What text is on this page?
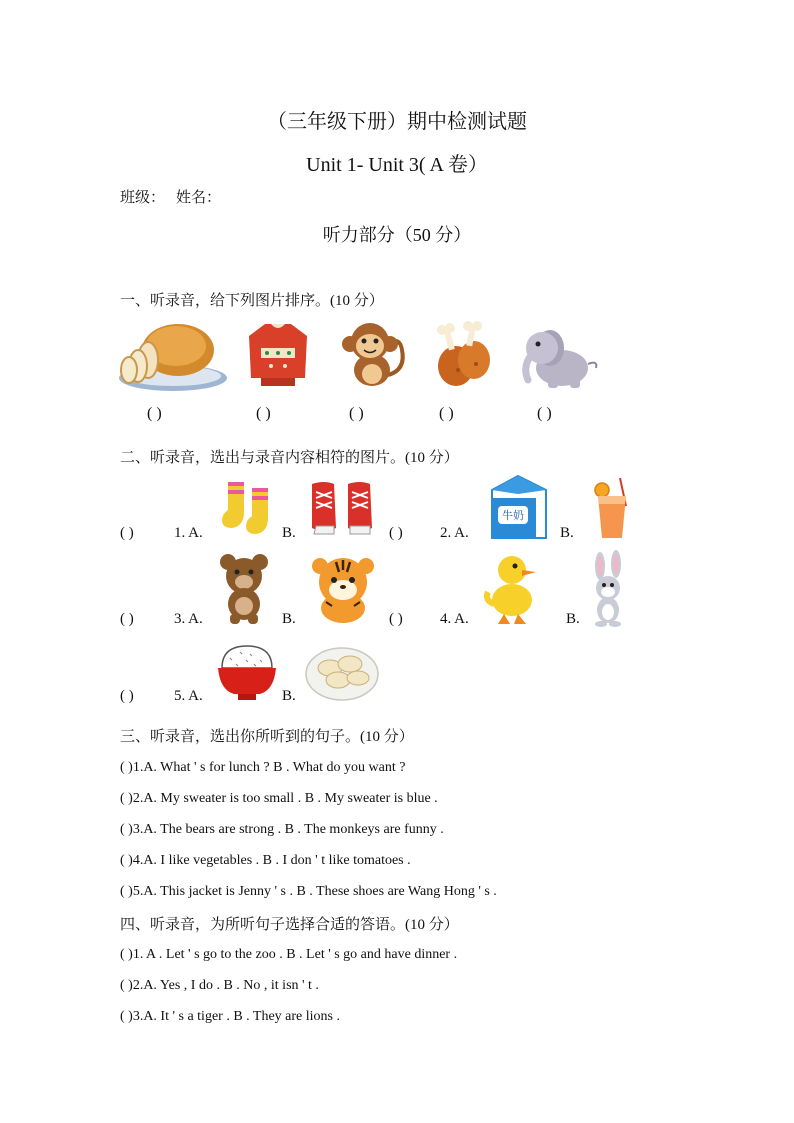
（三年级下册）期中检测试题
Unit 1- Unit 3( A 卷）
班级： 姓名：
听力部分（50 分）
一、听录音，给下列图片排序。(10 分）
( )	( )	( )	( )	( )
二、听录音，选出与录音内容相符的图片。(10 分）
( )	1. A.	B.	( ) 2. A.
牛奶
B.
( )	3. A.	B.	( ) 4. A.	B.
( )	5. A.	B.
三、听录音，选出你所听到的句子。(10 分）
( )1.A. What ' s for lunch ? B . What do you want ?
( )2.A. My sweater is too small . B . My sweater is blue .
( )3.A. The bears are strong . B . The monkeys are funny .
( )4.A. I like vegetables . B . I don ' t like tomatoes .
( )5.A. This jacket is Jenny ' s . B . These shoes are Wang Hong ' s .
四、听录音，为所听句子选择合适的答语。(10 分）
( )1. A . Let ' s go to the zoo . B . Let ' s go and have dinner .
( )2.A. Yes , I do . B . No , it isn ' t .
( )3.A. It ' s a tiger . B . They are lions .
